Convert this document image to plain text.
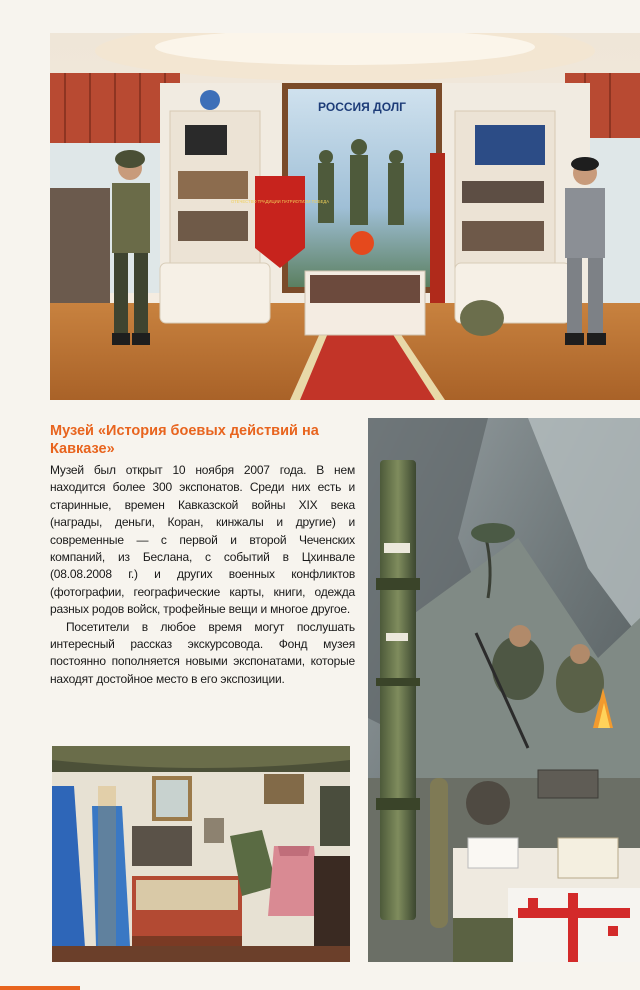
РОССИЯ ДОЛГ
ОТЕЧЕСТВО ТРАДИЦИИ ПАТРИОТИЗМ ПОБЕДА
Музей «История боевых действий на Кавказе»

Музей был открыт 10 ноября 2007 года. В нем находится более 300 экспонатов. Среди них есть и старинные, времен Кавказской войны XIX века (награды, деньги, Коран, кинжалы и другие) и современные — с первой и второй Чеченских компаний, из Беслана, с событий в Цхинвале (08.08.2008 г.) и других военных конфликтов (фотографии, географические карты, книги, одежда разных родов войск, трофейные вещи и многое другое.

Посетители в любое время могут послушать интересный рассказ экскурсовода. Фонд музея постоянно пополняется новыми экспонатами, которые находят достойное место в его экспозиции.
